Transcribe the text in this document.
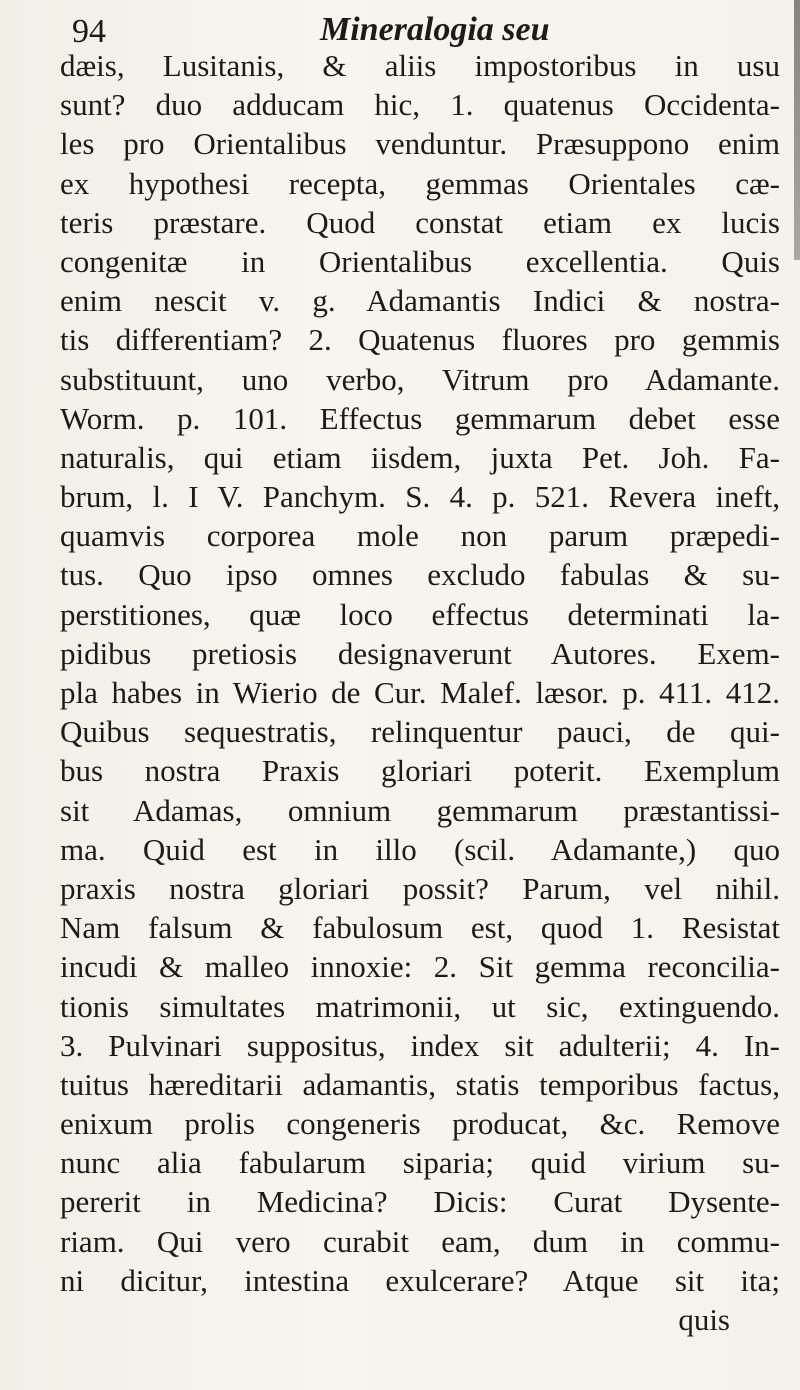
94	Mineralogia seu
dæis, Lusitanis, & aliis impostoribus in usu
sunt? duo adducam hic, 1. quatenus Occidenta-
les pro Orientalibus venduntur. Præsuppono enim
ex hypothesi recepta, gemmas Orientales cæ-
teris præstare. Quod constat etiam ex lucis
congenitæ in Orientalibus excellentia. Quis
enim nescit v. g. Adamantis Indici & nostra-
tis differentiam? 2. Quatenus fluores pro gemmis
substituunt, uno verbo, Vitrum pro Adamante.
Worm. p. 101. Effectus gemmarum debet esse
naturalis, qui etiam iisdem, juxta Pet. Joh. Fa-
brum, l. I V. Panchym. S. 4. p. 521. Revera ineft,
quamvis corporea mole non parum præpedi-
tus. Quo ipso omnes excludo fabulas & su-
perstitiones, quæ loco effectus determinati la-
pidibus pretiosis designaverunt Autores. Exem-
pla habes in Wierio de Cur. Malef. læsor. p. 411. 412.
Quibus sequestratis, relinquentur pauci, de qui-
bus nostra Praxis gloriari poterit. Exemplum
sit Adamas, omnium gemmarum præstantissi-
ma. Quid est in illo (scil. Adamante,) quo
praxis nostra gloriari possit? Parum, vel nihil.
Nam falsum & fabulosum est, quod 1. Resistat
incudi & malleo innoxie: 2. Sit gemma reconcilia-
tionis simultates matrimonii, ut sic, extinguendo.
3. Pulvinari suppositus, index sit adulterii; 4. In-
tuitus hæreditarii adamantis, statis temporibus factus,
enixum prolis congeneris producat, &c. Remove
nunc alia fabularum siparia; quid virium su-
pererit in Medicina? Dicis: Curat Dysente-
riam. Qui vero curabit eam, dum in commu-
ni dicitur, intestina exulcerare? Atque sit ita;
quis
